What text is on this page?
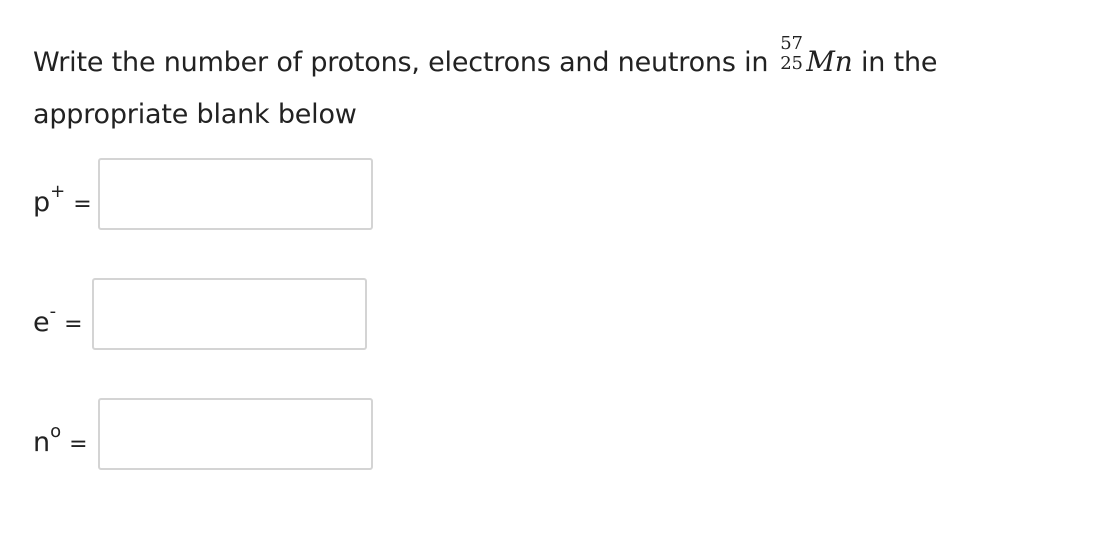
Write the number of protons, electrons and neutrons in
57
25 Mn in the appropriate blank below
p+=
e-=
$n^o=$
